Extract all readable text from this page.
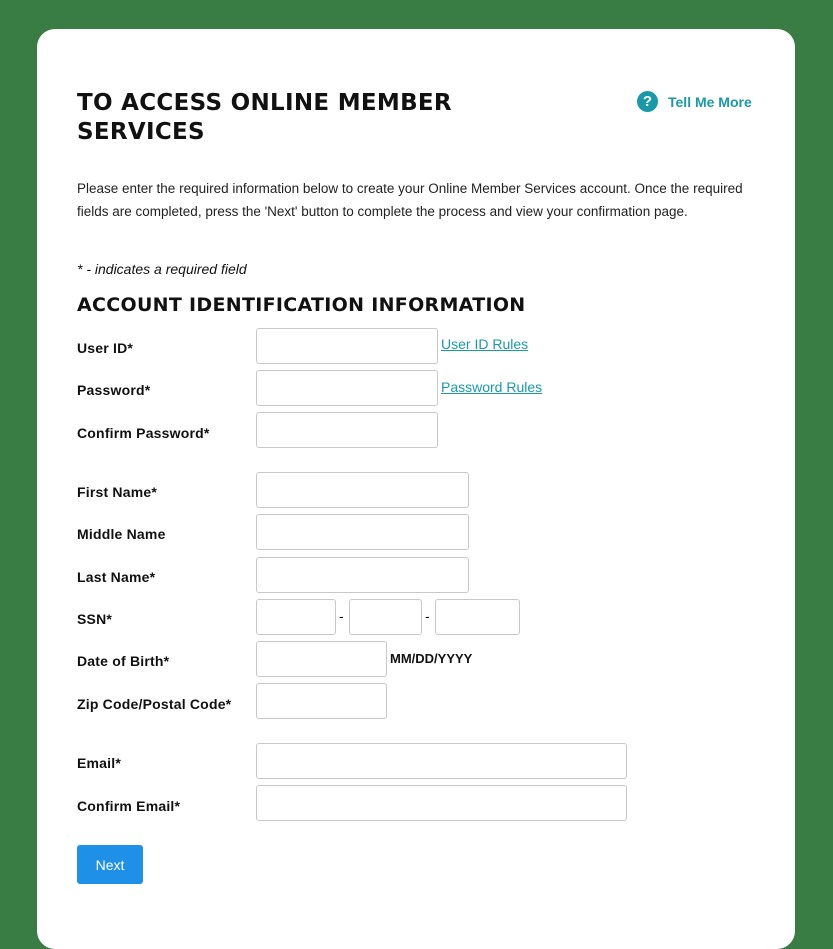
TO ACCESS ONLINE MEMBER SERVICES
?	Tell Me More

Please enter the required information below to create your Online Member Services account. Once the required fields are completed, press the 'Next' button to complete the process and view your confirmation page.

* - indicates a required field

ACCOUNT IDENTIFICATION INFORMATION
User ID*	User ID Rules
Password*	Password Rules
Confirm Password*
First Name*
Middle Name
Last Name*
SSN*	-	-
Date of Birth*	MM/DD/YYYY
Zip Code/Postal Code*
Email*
Confirm Email*
Next
